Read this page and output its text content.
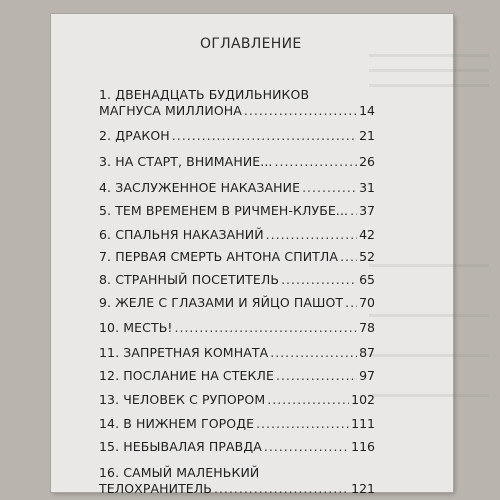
ОГЛАВЛЕНИЕ
1. ДВЕНАДЦАТЬ БУДИЛЬНИКОВ
МАГНУСА МИЛЛИОНА .....	14
2. ДРАКОН .....	21
3. НА СТАРТ, ВНИМАНИЕ... .....	26
4. ЗАСЛУЖЕННОЕ НАКАЗАНИЕ .....	31
5. ТЕМ ВРЕМЕНЕМ В РИЧМЕН-КЛУБЕ... ..... 37
6. СПАЛЬНЯ НАКАЗАНИЙ .....	42
7. ПЕРВАЯ СМЕРТЬ АНТОНА СПИТЛА ..... 52
8. СТРАННЫЙ ПОСЕТИТЕЛЬ .....	65
9. ЖЕЛЕ С ГЛАЗАМИ И ЯЙЦО ПАШОТ ..... 70
10. МЕСТЬ! .....	78
11. ЗАПРЕТНАЯ КОМНАТА .....	87
12. ПОСЛАНИЕ НА СТЕКЛЕ .....	97
13. ЧЕЛОВЕК С РУПОРОМ .....	102
14. В НИЖНЕМ ГОРОДЕ .....	111
15. НЕБЫВАЛАЯ ПРАВДА .....	116
16. САМЫЙ МАЛЕНЬКИЙ
ТЕЛОХРАНИТЕЛЬ .....	121
